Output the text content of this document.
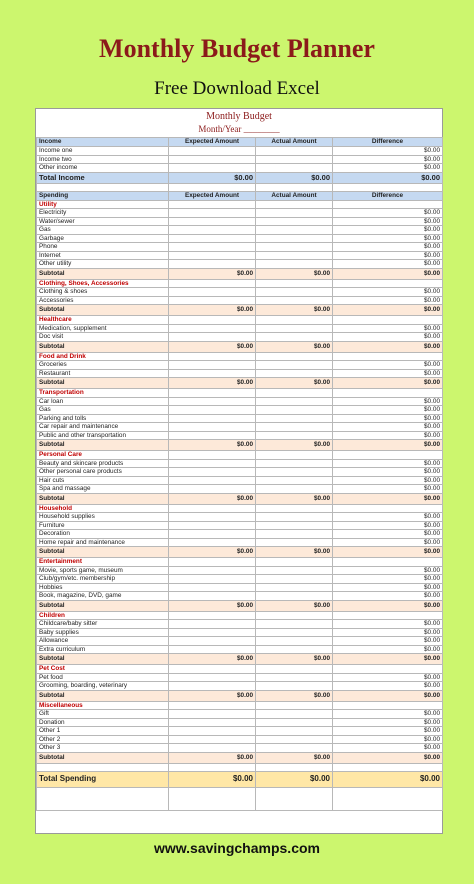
Monthly Budget Planner
Free Download Excel
Monthly Budget
Month/Year ________
Income	Expected Amount	Actual Amount	Difference
Income one			$0.00
Income two			$0.00
Other income			$0.00
Total Income	$0.00	$0.00	$0.00

Spending	Expected Amount	Actual Amount	Difference
Utility			
Electricity			$0.00
Water/sewer			$0.00
Gas			$0.00
Garbage			$0.00
Phone			$0.00
Internet			$0.00
Other utility			$0.00
Subtotal	$0.00	$0.00	$0.00
Clothing, Shoes, Accessories			
Clothing & shoes			$0.00
Accessories			$0.00
Subtotal	$0.00	$0.00	$0.00
Healthcare			
Medication, supplement			$0.00
Doc visit			$0.00
Subtotal	$0.00	$0.00	$0.00
Food and Drink			
Groceries			$0.00
Restaurant			$0.00
Subtotal	$0.00	$0.00	$0.00
Transportation			
Car loan			$0.00
Gas			$0.00
Parking and tolls			$0.00
Car repair and maintenance			$0.00
Public and other transportation			$0.00
Subtotal	$0.00	$0.00	$0.00
Personal Care			
Beauty and skincare products			$0.00
Other personal care products			$0.00
Hair cuts			$0.00
Spa and massage			$0.00
Subtotal	$0.00	$0.00	$0.00
Household			
Household supplies			$0.00
Furniture			$0.00
Decoration			$0.00
Home repair and maintenance			$0.00
Subtotal	$0.00	$0.00	$0.00
Entertainment			
Movie, sports game, museum			$0.00
Club/gym/etc. membership			$0.00
Hobbies			$0.00
Book, magazine, DVD, game			$0.00
Subtotal	$0.00	$0.00	$0.00
Children			
Childcare/baby sitter			$0.00
Baby supplies			$0.00
Allowance			$0.00
Extra curriculum			$0.00
Subtotal	$0.00	$0.00	$0.00
Pet Cost			
Pet food			$0.00
Grooming, boarding, veterinary			$0.00
Subtotal	$0.00	$0.00	$0.00
Miscellaneous			
Gift			$0.00
Donation			$0.00
Other 1			$0.00
Other 2			$0.00
Other 3			$0.00
Subtotal	$0.00	$0.00	$0.00

Total Spending	$0.00	$0.00	$0.00

www.savingchamps.com
